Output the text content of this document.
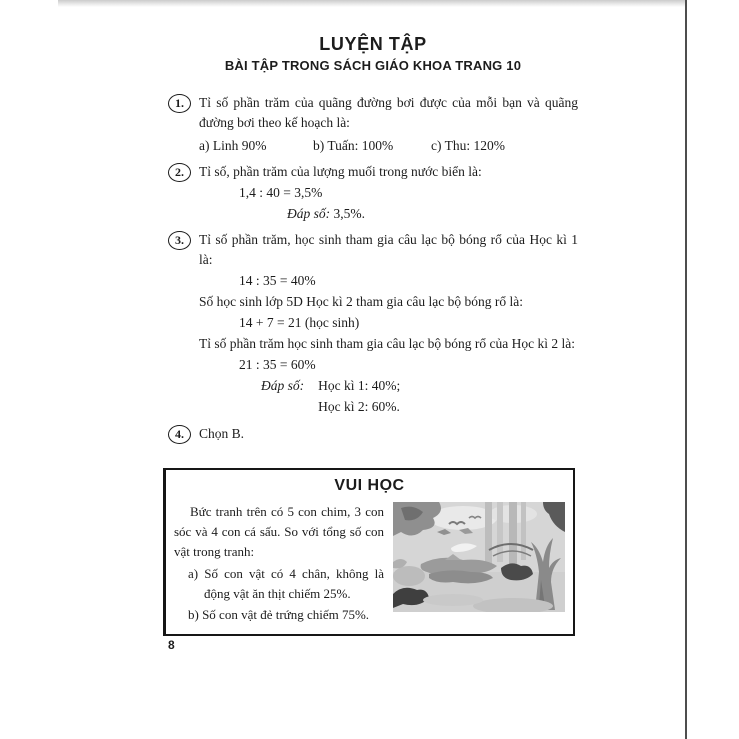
LUYỆN TẬP
BÀI TẬP TRONG SÁCH GIÁO KHOA TRANG 10
1.	Tỉ số phần trăm của quãng đường bơi được của mỗi bạn và quãng đường bơi theo kế hoạch là:

a) Linh 90%	b) Tuấn: 100%	c) Thu: 120%
2.	Tỉ số, phần trăm của lượng muối trong nước biển là:

1,4 : 40 = 3,5%
Đáp số: 3,5%.
3.	Tỉ số phần trăm, học sinh tham gia câu lạc bộ bóng rổ của Học kì 1 là:

14 : 35 = 40%

Số học sinh lớp 5D Học kì 2 tham gia câu lạc bộ bóng rổ là:

14 + 7 = 21 (học sinh)

Tỉ số phần trăm học sinh tham gia câu lạc bộ bóng rổ của Học kì 2 là:

21 : 35 = 60%
Đáp số: Học kì 1: 40%;
Học kì 2: 60%.
4.	Chọn B.

VUI HỌC

Bức tranh trên có 5 con chim, 3 con sóc và 4 con cá sấu. So với tổng số con vật trong tranh:

a) Số con vật có 4 chân, không là động vật ăn thịt chiếm 25%.

b) Số con vật đẻ trứng chiếm 75%.

8
